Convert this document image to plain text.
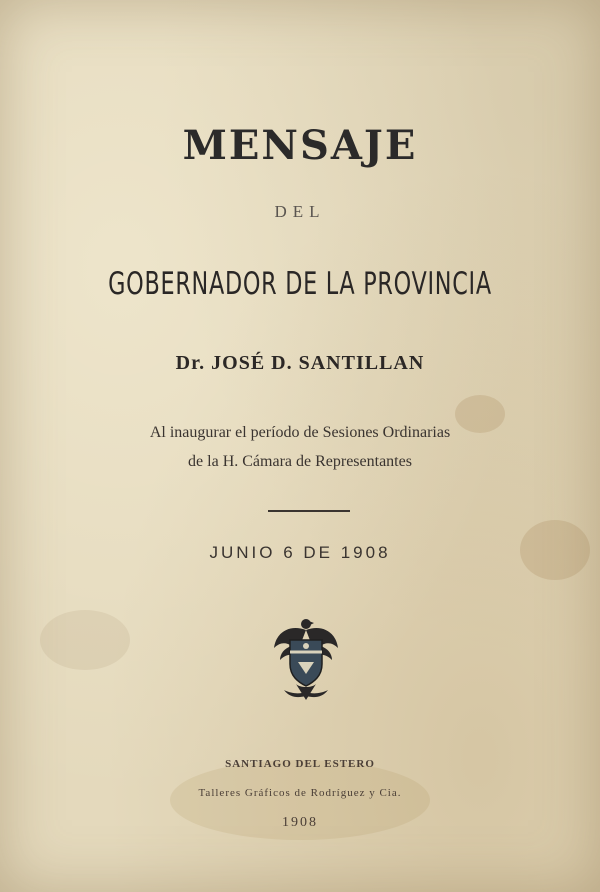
MENSAJE
DEL
GOBERNADOR DE LA PROVINCIA
Dr. JOSÉ D. SANTILLAN
Al inaugurar el período de Sesiones Ordinarias
de la H. Cámara de Representantes
JUNIO 6 DE 1908
SANTIAGO DEL ESTERO
Talleres Gráficos de Rodríguez y Cia.
1908
